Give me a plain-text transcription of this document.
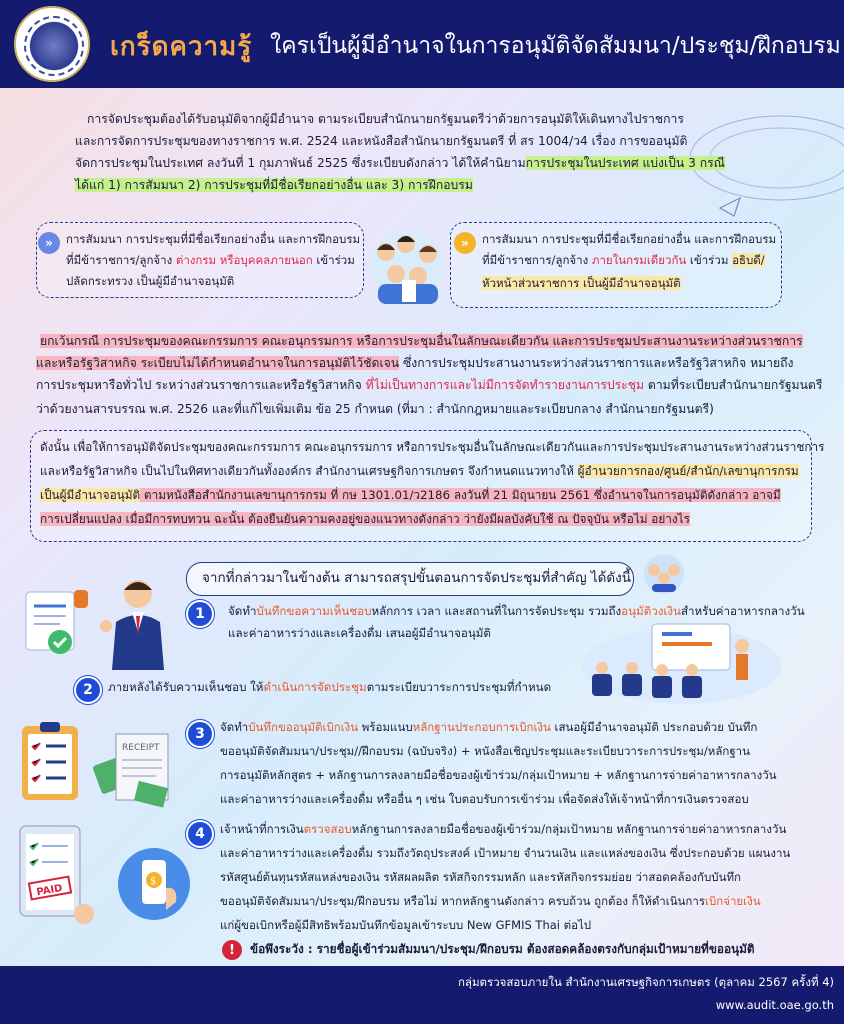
เกร็ดความรู้ ใครเป็นผู้มีอำนาจในการอนุมัติจัดสัมมนา/ประชุม/ฝึกอบรม
การจัดประชุมต้องได้รับอนุมัติจากผู้มีอำนาจ ตามระเบียบสำนักนายกรัฐมนตรีว่าด้วยการอนุมัติให้เดินทางไปราชการ
และการจัดการประชุมของทางราชการ พ.ศ. 2524 และหนังสือสำนักนายกรัฐมนตรี ที่ สร 1004/ว4 เรื่อง การขออนุมัติ
จัดการประชุมในประเทศ ลงวันที่ 1 กุมภาพันธ์ 2525 ซึ่งระเบียบดังกล่าว ได้ให้คำนิยามการประชุมในประเทศ แบ่งเป็น 3 กรณี
ได้แก่ 1) การสัมมนา 2) การประชุมที่มีชื่อเรียกอย่างอื่น และ 3) การฝึกอบรม
»	การสัมมนา การประชุมที่มีชื่อเรียกอย่างอื่น และการฝึกอบรม
ที่มีข้าราชการ/ลูกจ้าง ต่างกรม หรือบุคคลภายนอก เข้าร่วม
ปลัดกระทรวง เป็นผู้มีอำนาจอนุมัติ
»	การสัมมนา การประชุมที่มีชื่อเรียกอย่างอื่น และการฝึกอบรม
ที่มีข้าราชการ/ลูกจ้าง ภายในกรมเดียวกัน เข้าร่วม อธิบดี/
หัวหน้าส่วนราชการ เป็นผู้มีอำนาจอนุมัติ
ยกเว้นกรณี การประชุมของคณะกรรมการ คณะอนุกรรมการ หรือการประชุมอื่นในลักษณะเดียวกัน และการประชุมประสานงานระหว่างส่วนราชการ
และหรือรัฐวิสาหกิจ ระเบียบไม่ได้กำหนดอำนาจในการอนุมัติไว้ชัดเจน ซึ่งการประชุมประสานงานระหว่างส่วนราชการและหรือรัฐวิสาหกิจ หมายถึง
การประชุมหารือทั่วไป ระหว่างส่วนราชการและหรือรัฐวิสาหกิจ ที่ไม่เป็นทางการและไม่มีการจัดทำรายงานการประชุม ตามที่ระเบียบสำนักนายกรัฐมนตรี
ว่าด้วยงานสารบรรณ พ.ศ. 2526 และที่แก้ไขเพิ่มเติม ข้อ 25 กำหนด (ที่มา : สำนักกฎหมายและระเบียบกลาง สำนักนายกรัฐมนตรี)
ดังนั้น เพื่อให้การอนุมัติจัดประชุมของคณะกรรมการ คณะอนุกรรมการ หรือการประชุมอื่นในลักษณะเดียวกันและการประชุมประสานงานระหว่างส่วนราชการ
และหรือรัฐวิสาหกิจ เป็นไปในทิศทางเดียวกันทั้งองค์กร สำนักงานเศรษฐกิจการเกษตร จึงกำหนดแนวทางให้ ผู้อำนวยการกอง/ศูนย์/สำนัก/เลขานุการกรม
เป็นผู้มีอำนาจอนุมัติ ตามหนังสือสำนักงานเลขานุการกรม ที่ กษ 1301.01/ว2186 ลงวันที่ 21 มิถุนายน 2561 ซึ่งอำนาจในการอนุมัติดังกล่าว อาจมี
การเปลี่ยนแปลง เมื่อมีการทบทวน ฉะนั้น ต้องยืนยันความคงอยู่ของแนวทางดังกล่าว ว่ายังมีผลบังคับใช้ ณ ปัจจุบัน หรือไม่ อย่างไร
จากที่กล่าวมาในข้างต้น สามารถสรุปขั้นตอนการจัดประชุมที่สำคัญ ได้ดังนี้
1	จัดทำบันทึกขอความเห็นชอบหลักการ เวลา และสถานที่ในการจัดประชุม รวมถึงอนุมัติวงเงินสำหรับค่าอาหารกลางวัน
และค่าอาหารว่างและเครื่องดื่ม เสนอผู้มีอำนาจอนุมัติ
2	ภายหลังได้รับความเห็นชอบ ให้ดำเนินการจัดประชุมตามระเบียบวาระการประชุมที่กำหนด
RECEIPT
3	จัดทำบันทึกขออนุมัติเบิกเงิน พร้อมแนบหลักฐานประกอบการเบิกเงิน เสนอผู้มีอำนาจอนุมัติ ประกอบด้วย บันทึก
ขออนุมัติจัดสัมมนา/ประชุม//ฝึกอบรม (ฉบับจริง) + หนังสือเชิญประชุมและระเบียบวาระการประชุม/หลักฐาน
การอนุมัติหลักสูตร + หลักฐานการลงลายมือชื่อของผู้เข้าร่วม/กลุ่มเป้าหมาย + หลักฐานการจ่ายค่าอาหารกลางวัน
และค่าอาหารว่างและเครื่องดื่ม หรืออื่น ๆ เช่น ใบตอบรับการเข้าร่วม เพื่อจัดส่งให้เจ้าหน้าที่การเงินตรวจสอบ
PAID
$
4	เจ้าหน้าที่การเงินตรวจสอบหลักฐานการลงลายมือชื่อของผู้เข้าร่วม/กลุ่มเป้าหมาย หลักฐานการจ่ายค่าอาหารกลางวัน
และค่าอาหารว่างและเครื่องดื่ม รวมถึงวัตถุประสงค์ เป้าหมาย จำนวนเงิน และแหล่งของเงิน ซึ่งประกอบด้วย แผนงาน
รหัสศูนย์ต้นทุนรหัสแหล่งของเงิน รหัสผลผลิต รหัสกิจกรรมหลัก และรหัสกิจกรรมย่อย ว่าสอดคล้องกับบันทึก
ขออนุมัติจัดสัมมนา/ประชุม/ฝึกอบรม หรือไม่ หากหลักฐานดังกล่าว ครบถ้วน ถูกต้อง ก็ให้ดำเนินการเบิกจ่ายเงิน
แก่ผู้ขอเบิกหรือผู้มีสิทธิพร้อมบันทึกข้อมูลเข้าระบบ New GFMIS Thai ต่อไป
!	ข้อพึงระวัง : รายชื่อผู้เข้าร่วมสัมมนา/ประชุม/ฝึกอบรม ต้องสอดคล้องตรงกับกลุ่มเป้าหมายที่ขออนุมัติ
กลุ่มตรวจสอบภายใน สำนักงานเศรษฐกิจการเกษตร (ตุลาคม 2567 ครั้งที่ 4)
www.audit.oae.go.th
